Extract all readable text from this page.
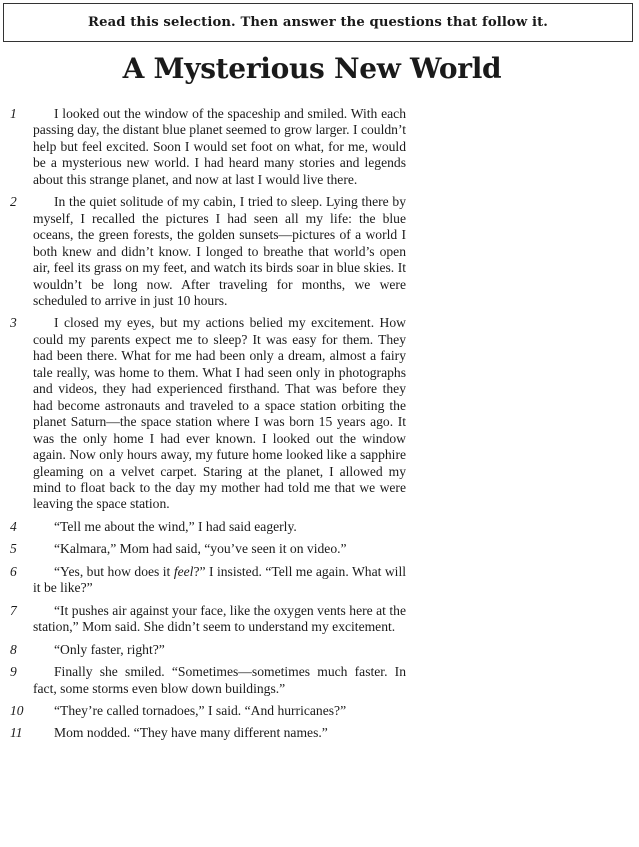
Read this selection. Then answer the questions that follow it.
A Mysterious New World
1	I looked out the window of the spaceship and smiled. With each passing day, the distant blue planet seemed to grow larger. I couldn’t help but feel excited. Soon I would set foot on what, for me, would be a mysterious new world. I had heard many stories and legends about this strange planet, and now at last I would live there.
2	In the quiet solitude of my cabin, I tried to sleep. Lying there by myself, I recalled the pictures I had seen all my life: the blue oceans, the green forests, the golden sunsets—pictures of a world I both knew and didn’t know. I longed to breathe that world’s open air, feel its grass on my feet, and watch its birds soar in blue skies. It wouldn’t be long now. After traveling for months, we were scheduled to arrive in just 10 hours.
3	I closed my eyes, but my actions belied my excitement. How could my parents expect me to sleep? It was easy for them. They had been there. What for me had been only a dream, almost a fairy tale really, was home to them. What I had seen only in photographs and videos, they had experienced firsthand. That was before they had become astronauts and traveled to a space station orbiting the planet Saturn—the space station where I was born 15 years ago. It was the only home I had ever known. I looked out the window again. Now only hours away, my future home looked like a sapphire gleaming on a velvet carpet. Staring at the planet, I allowed my mind to float back to the day my mother had told me that we were leaving the space station.
4	“Tell me about the wind,” I had said eagerly.
5	“Kalmara,” Mom had said, “you’ve seen it on video.”
6	“Yes, but how does it feel?” I insisted. “Tell me again. What will it be like?”
7	“It pushes air against your face, like the oxygen vents here at the station,” Mom said. She didn’t seem to understand my excitement.
8	“Only faster, right?”
9	Finally she smiled. “Sometimes—sometimes much faster. In fact, some storms even blow down buildings.”
10	“They’re called tornadoes,” I said. “And hurricanes?”
11	Mom nodded. “They have many different names.”
